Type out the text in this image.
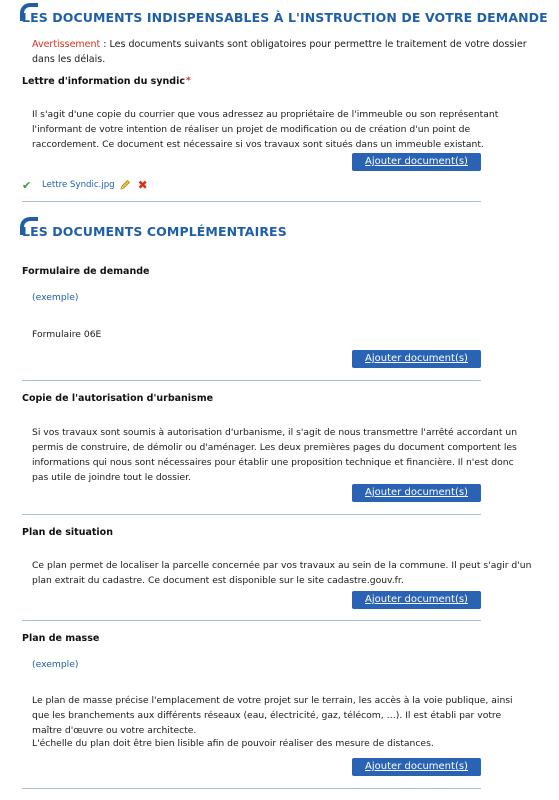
LES DOCUMENTS INDISPENSABLES À L'INSTRUCTION DE VOTRE DEMANDE
Avertissement : Les documents suivants sont obligatoires pour permettre le traitement de votre dossier dans les délais.
Lettre d'information du syndic*
Il s'agit d'une copie du courrier que vous adressez au propriétaire de l'immeuble ou son représentant l'informant de votre intention de réaliser un projet de modification ou de création d'un point de raccordement. Ce document est nécessaire si vos travaux sont situés dans un immeuble existant.
Ajouter document(s)
✔	Lettre Syndic.jpg ✖
LES DOCUMENTS COMPLÉMENTAIRES
Formulaire de demande
(exemple)
Formulaire 06E
Ajouter document(s)
Copie de l'autorisation d'urbanisme
Si vos travaux sont soumis à autorisation d'urbanisme, il s'agit de nous transmettre l'arrêté accordant un permis de construire, de démolir ou d'aménager. Les deux premières pages du document comportent les informations qui nous sont nécessaires pour établir une proposition technique et financière. Il n'est donc pas utile de joindre tout le dossier.
Ajouter document(s)
Plan de situation
Ce plan permet de localiser la parcelle concernée par vos travaux au sein de la commune. Il peut s'agir d'un plan extrait du cadastre. Ce document est disponible sur le site cadastre.gouv.fr.
Ajouter document(s)
Plan de masse
(exemple)
Le plan de masse précise l'emplacement de votre projet sur le terrain, les accès à la voie publique, ainsi que les branchements aux différents réseaux (eau, électricité, gaz, télécom, …). Il est établi par votre maître d'œuvre ou votre architecte.
L'échelle du plan doit être bien lisible afin de pouvoir réaliser des mesure de distances.
Ajouter document(s)
